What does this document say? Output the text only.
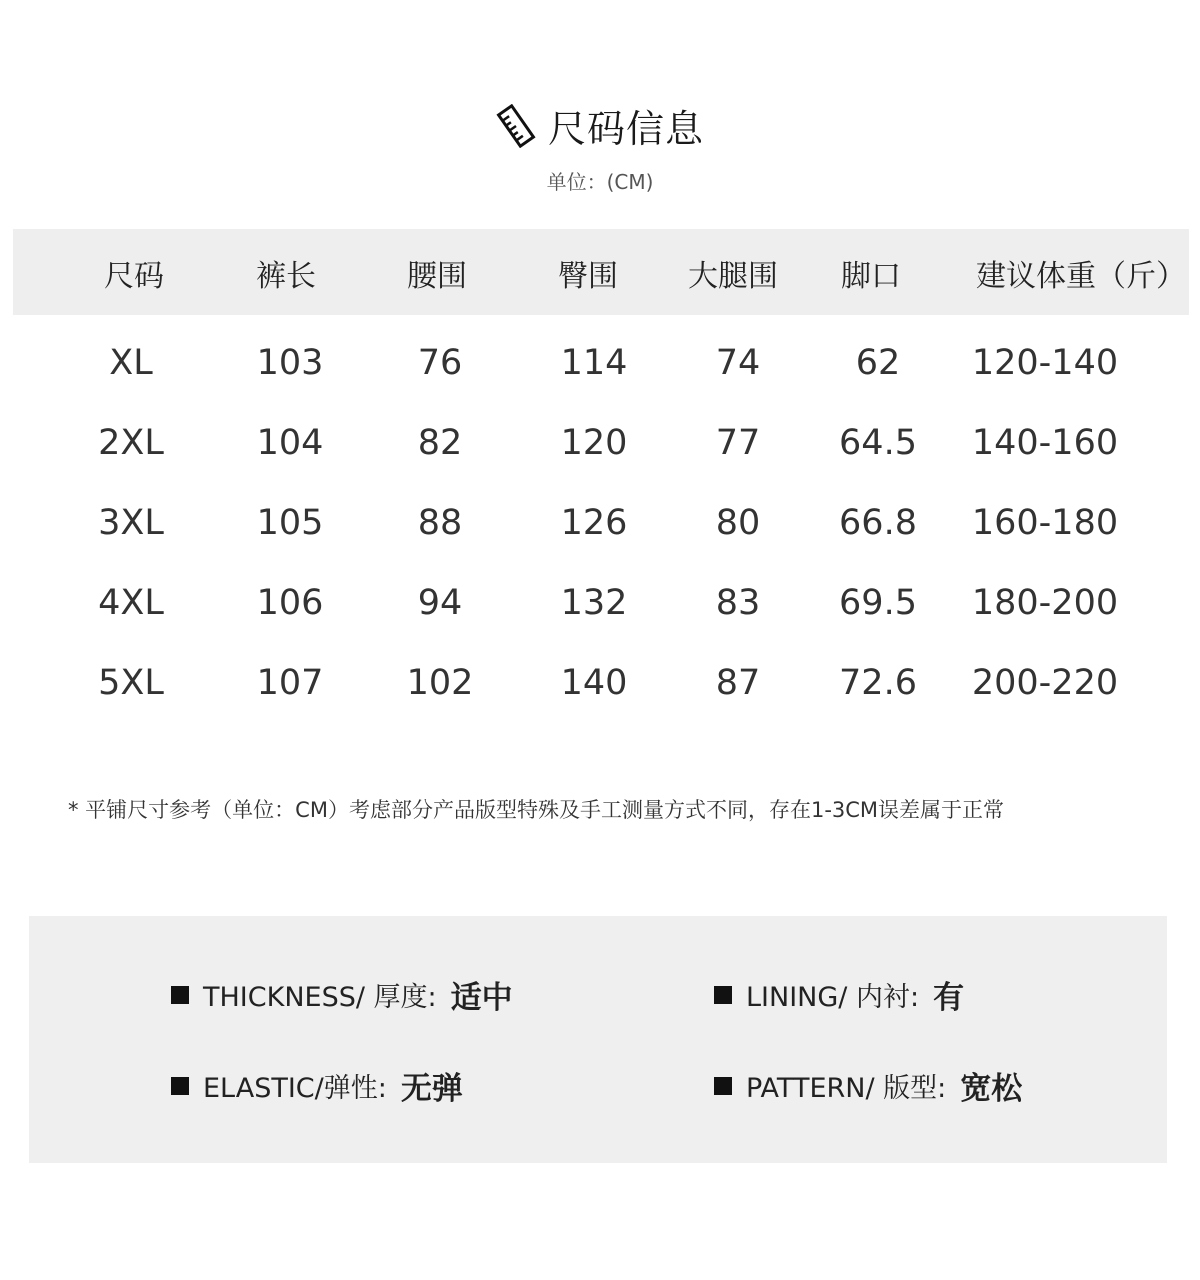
尺码信息
单位：(CM)
尺码	裤长	腰围	臀围 大腿围 脚口	建议体重（斤）
XL	103	76	114	74	62 120-140
2XL	104	82	120	77 64.5 140-160
3XL	105	88	126	80 66.8 160-180
4XL	106	94	132	83 69.5 180-200
5XL	107 102 140	87 72.6 200-220
* 平铺尺寸参考（单位：CM）考虑部分产品版型特殊及手工测量方式不同，存在1-3CM误差属于正常
THICKNESS/ 厚度: 适中	LINING/ 内衬: 有
ELASTIC/弹性: 无弹	PATTERN/ 版型: 宽松
